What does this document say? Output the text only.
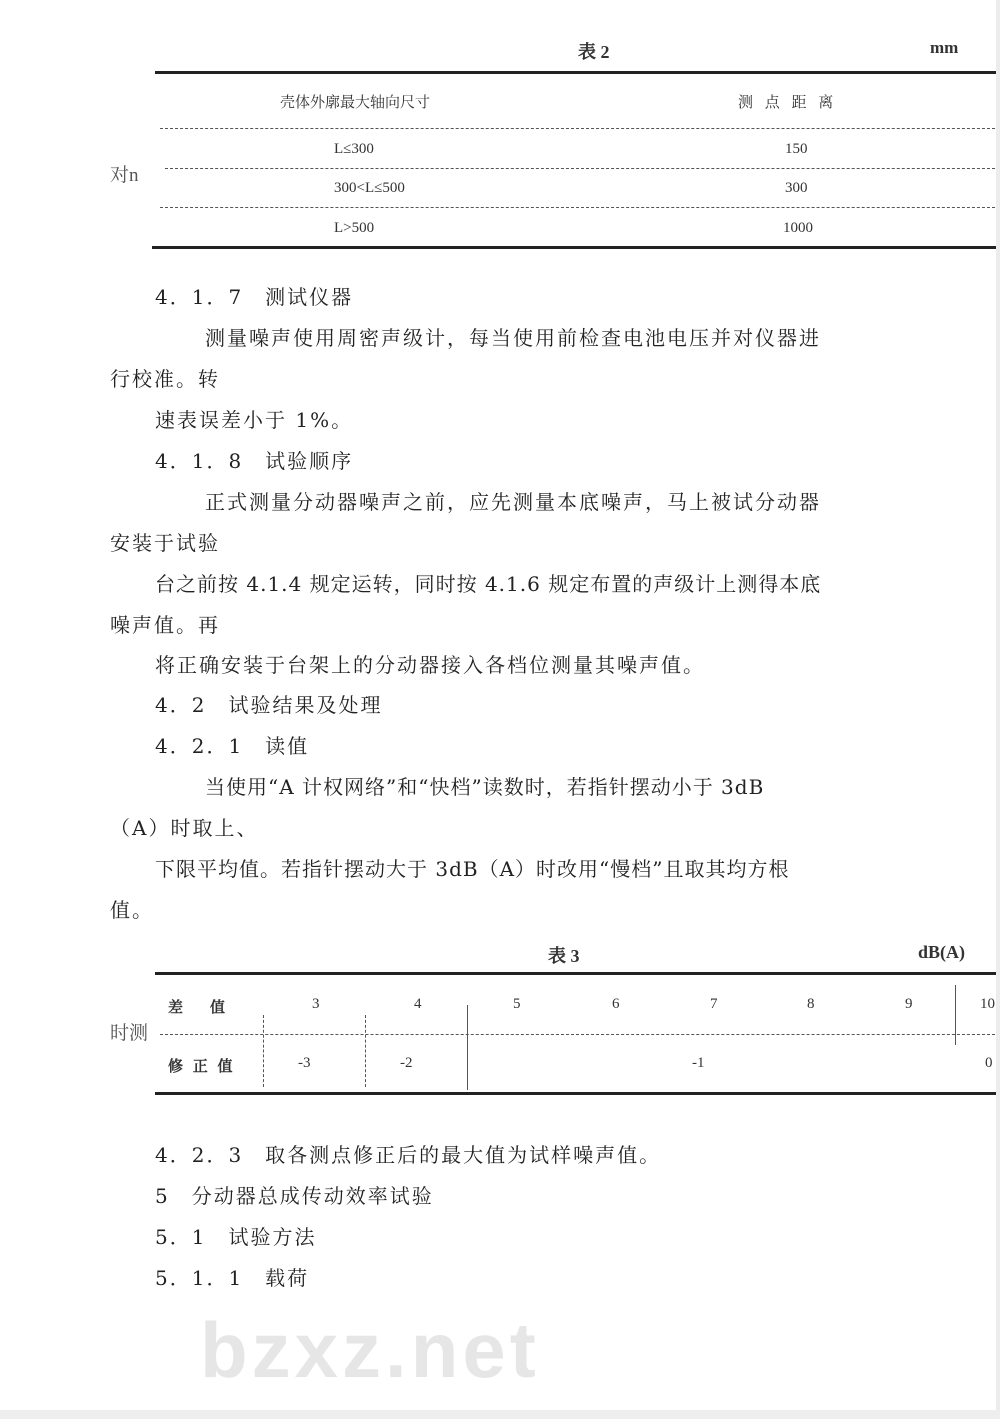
bzxz.net
表 2	mm
壳体外廓最大轴向尺寸	测 点 距 离
对n
L≤300	150
300<L≤500	300
L>500	1000
4．1．7　测试仪器
测量噪声使用周密声级计，每当使用前检查电池电压并对仪器进
行校准。转
速表误差小于 1%。
4．1．8　试验顺序
正式测量分动器噪声之前，应先测量本底噪声，马上被试分动器
安装于试验
台之前按 4.1.4 规定运转，同时按 4.1.6 规定布置的声级计上测得本底
噪声值。再
将正确安装于台架上的分动器接入各档位测量其噪声值。
4．2　试验结果及处理
4．2．1　读值
当使用“A 计权网络”和“快档”读数时，若指针摆动小于 3dB
（A）时取上、
下限平均值。若指针摆动大于 3dB（A）时改用“慢档”且取其均方根
值。
表 3	dB(A)
时测
差　值	3	4	5	6	7	8	9	10
修 正 值	-3	-2	-1	0
4．2．3　取各测点修正后的最大值为试样噪声值。
5　分动器总成传动效率试验
5．1　试验方法
5．1．1　载荷
